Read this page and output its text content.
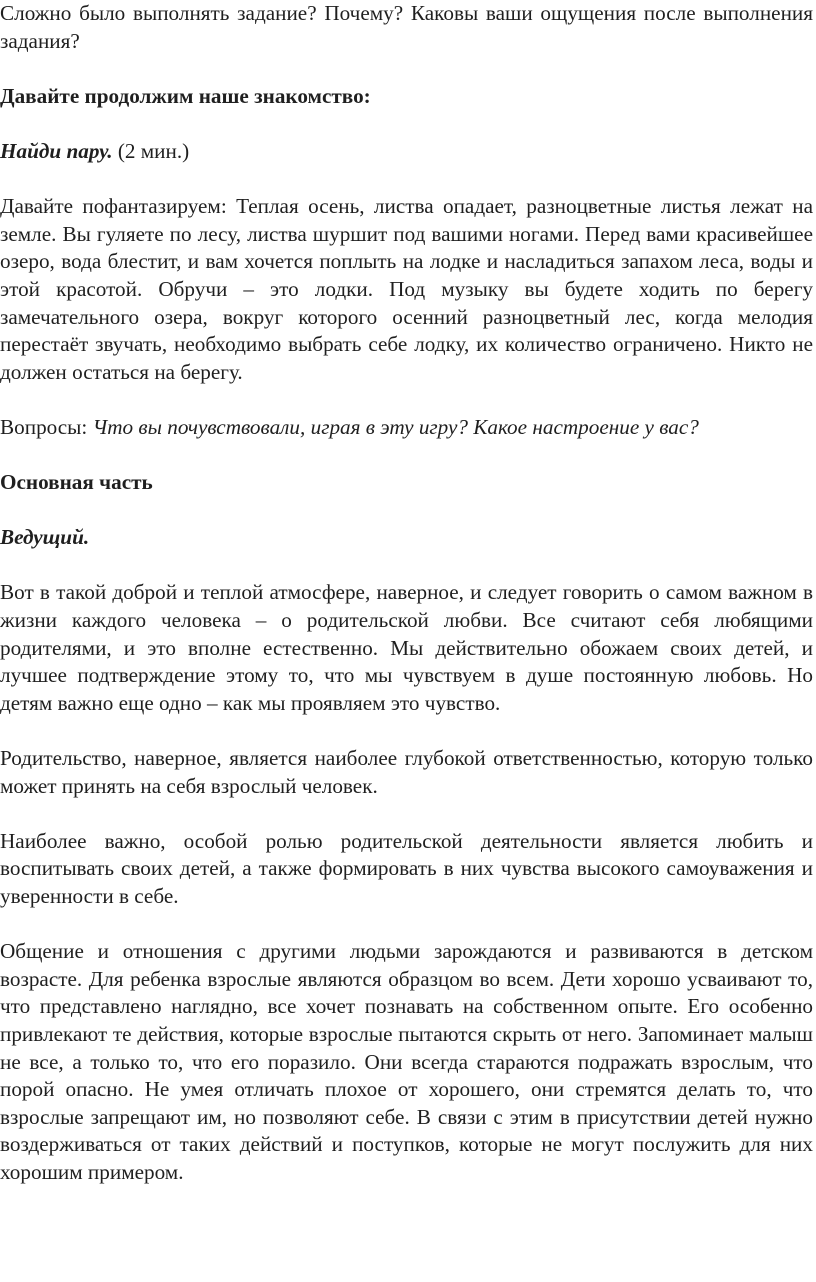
Сложно было выполнять задание? Почему? Каковы ваши ощущения после выполнения задания?

Давайте продолжим наше знакомство:

Найди пару. (2 мин.)

Давайте пофантазируем: Теплая осень, листва опадает, разноцветные листья лежат на земле. Вы гуляете по лесу, листва шуршит под вашими ногами. Перед вами красивейшее озеро, вода блестит, и вам хочется поплыть на лодке и насладиться запахом леса, воды и этой красотой. Обручи – это лодки. Под музыку вы будете ходить по берегу замечательного озера, вокруг которого осенний разноцветный лес, когда мелодия перестаёт звучать, необходимо выбрать себе лодку, их количество ограничено. Никто не должен остаться на берегу.

Вопросы: Что вы почувствовали, играя в эту игру? Какое настроение у вас?

Основная часть

Ведущий.

Вот в такой доброй и теплой атмосфере, наверное, и следует говорить о самом важном в жизни каждого человека – о родительской любви. Все считают себя любящими родителями, и это вполне естественно. Мы действительно обожаем своих детей, и лучшее подтверждение этому то, что мы чувствуем в душе постоянную любовь. Но детям важно еще одно – как мы проявляем это чувство.

Родительство, наверное, является наиболее глубокой ответственностью, которую только может принять на себя взрослый человек.

Наиболее важно, особой ролью родительской деятельности является любить и воспитывать своих детей, а также формировать в них чувства высокого самоуважения и уверенности в себе.

Общение и отношения с другими людьми зарождаются и развиваются в детском возрасте. Для ребенка взрослые являются образцом во всем. Дети хорошо усваивают то, что представлено наглядно, все хочет познавать на собственном опыте. Его особенно привлекают те действия, которые взрослые пытаются скрыть от него. Запоминает малыш не все, а только то, что его поразило. Они всегда стараются подражать взрослым, что порой опасно. Не умея отличать плохое от хорошего, они стремятся делать то, что взрослые запрещают им, но позволяют себе. В связи с этим в присутствии детей нужно воздерживаться от таких действий и поступков, которые не могут послужить для них хорошим примером.
